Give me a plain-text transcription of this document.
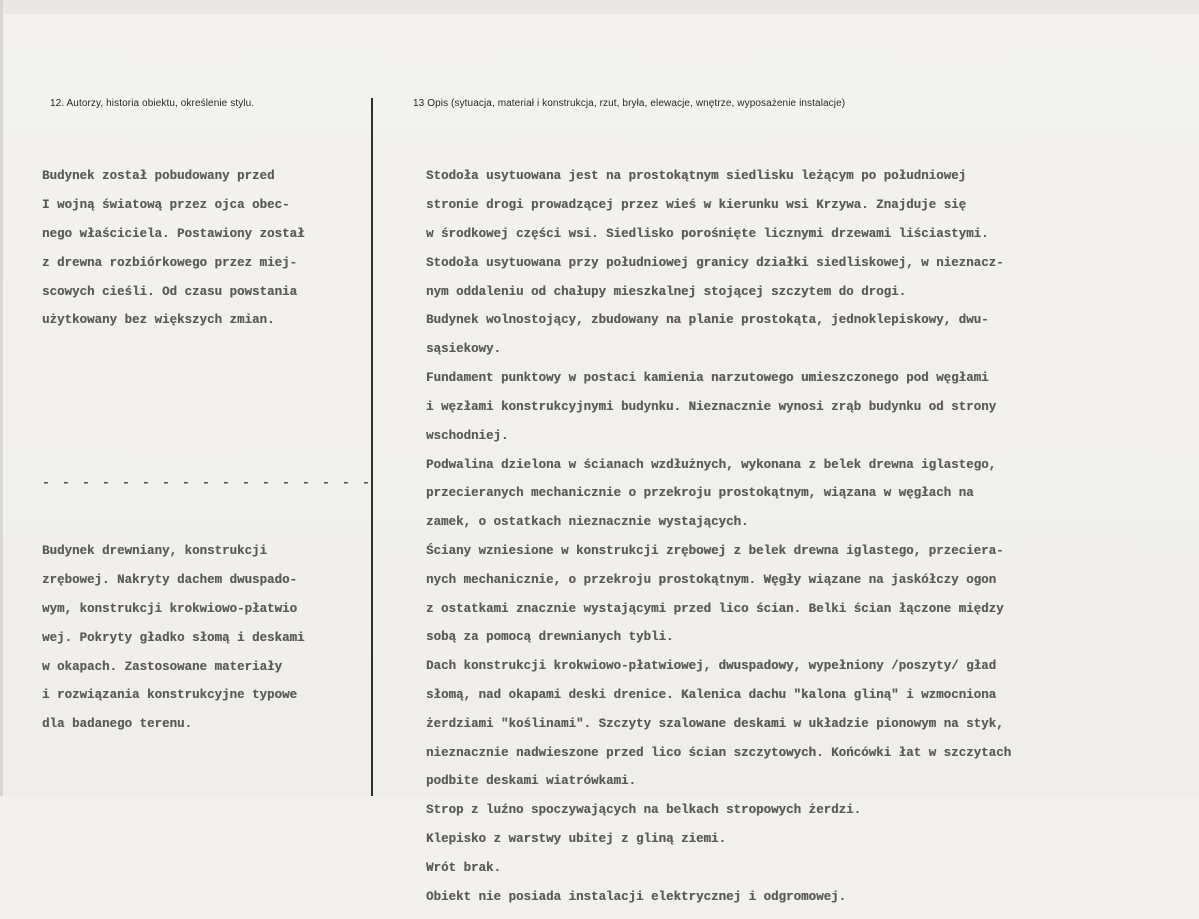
12. Autorzy, historia obiektu, określenie stylu.	13 Opis (sytuacja, materiał i konstrukcja, rzut, bryła, elewacje, wnętrze, wyposażenie instalacje)

Budynek został pobudowany przed

I wojną światową przez ojca obec-

nego właściciela. Postawiony został

z drewna rozbiórkowego przez miej-

scowych cieśli. Od czasu powstania

użytkowany bez większych zmian.

- - - - - - - - - - - - - - - - -

Budynek drewniany, konstrukcji

zrębowej. Nakryty dachem dwuspado-

wym, konstrukcji krokwiowo-płatwio

wej. Pokryty gładko słomą i deskami

w okapach. Zastosowane materiały

i rozwiązania konstrukcyjne typowe

dla badanego terenu.

Stodoła usytuowana jest na prostokątnym siedlisku leżącym po południowej

stronie drogi prowadzącej przez wieś w kierunku wsi Krzywa. Znajduje się

w środkowej części wsi. Siedlisko porośnięte licznymi drzewami liściastymi.

Stodoła usytuowana przy południowej granicy działki siedliskowej, w nieznacz-

nym oddaleniu od chałupy mieszkalnej stojącej szczytem do drogi.

Budynek wolnostojący, zbudowany na planie prostokąta, jednoklepiskowy, dwu-

sąsiekowy.

Fundament punktowy w postaci kamienia narzutowego umieszczonego pod węgłami

i węzłami konstrukcyjnymi budynku. Nieznacznie wynosi zrąb budynku od strony

wschodniej.

Podwalina dzielona w ścianach wzdłużnych, wykonana z belek drewna iglastego,

przecieranych mechanicznie o przekroju prostokątnym, wiązana w węgłach na

zamek, o ostatkach nieznacznie wystających.

Ściany wzniesione w konstrukcji zrębowej z belek drewna iglastego, przeciera-

nych mechanicznie, o przekroju prostokątnym. Węgły wiązane na jaskółczy ogon

z ostatkami znacznie wystającymi przed lico ścian. Belki ścian łączone między

sobą za pomocą drewnianych tybli.

Dach konstrukcji krokwiowo-płatwiowej, dwuspadowy, wypełniony /poszyty/ gład

słomą, nad okapami deski drenice. Kalenica dachu "kalona gliną" i wzmocniona

żerdziami "koślinami". Szczyty szalowane deskami w układzie pionowym na styk,

nieznacznie nadwieszone przed lico ścian szczytowych. Końcówki łat w szczytach

podbite deskami wiatrówkami.

Strop z luźno spoczywających na belkach stropowych żerdzi.

Klepisko z warstwy ubitej z gliną ziemi.

Wrót brak.

Obiekt nie posiada instalacji elektrycznej i odgromowej.
